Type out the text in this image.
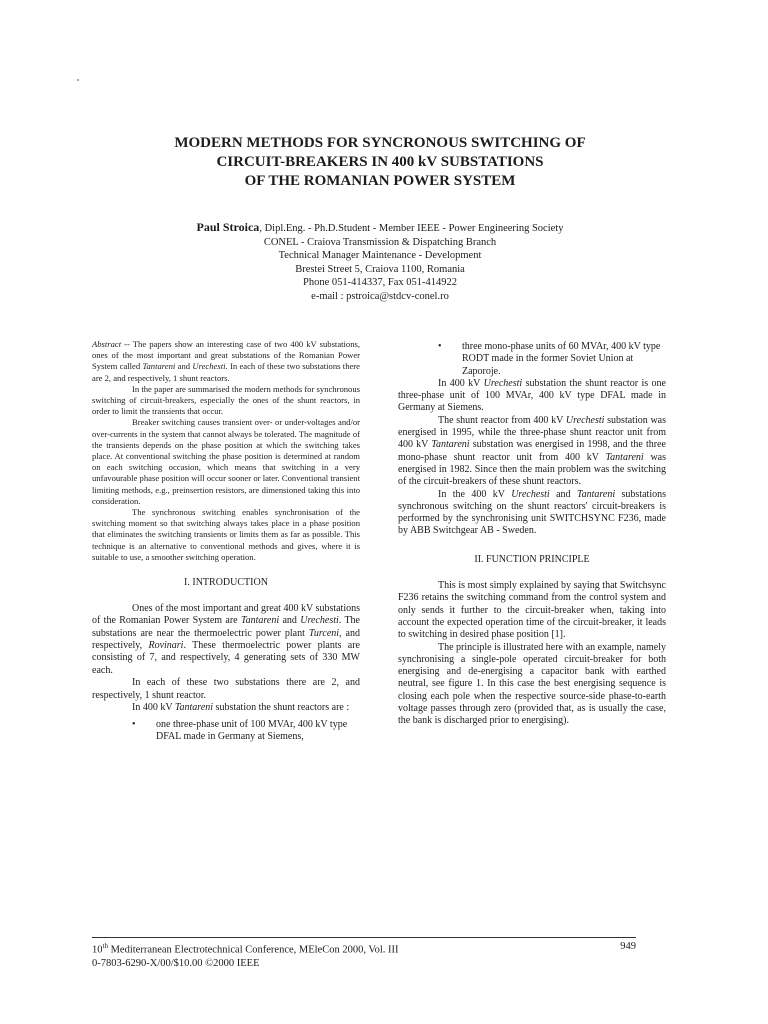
MODERN METHODS FOR SYNCRONOUS SWITCHING OF
CIRCUIT-BREAKERS IN 400 kV SUBSTATIONS
OF THE ROMANIAN POWER SYSTEM
Paul Stroica, Dipl.Eng. - Ph.D.Student - Member IEEE - Power Engineering Society
CONEL - Craiova Transmission & Dispatching Branch
Technical Manager Maintenance - Development
Brestei Street 5, Craiova 1100, Romania
Phone 051-414337, Fax 051-414922
e-mail : pstroica@stdcv-conel.ro

Abstract -- The papers show an interesting case of two 400 kV substations, ones of the most important and great substations of the Romanian Power System called Tantareni and Urechesti. In each of these two substations there are 2, and respectively, 1 shunt reactors.

In the paper are summarised the modern methods for synchronous switching of circuit-breakers, especially the ones of the shunt reactors, in order to limit the transients that occur.

Breaker switching causes transient over- or under-voltages and/or over-currents in the system that cannot always be tolerated. The magnitude of the transients depends on the phase position at which the switching takes place. At conventional switching the phase position is determined at random on each switching occasion, which means that switching in a very unfavourable phase position will occur sooner or later. Conventional transient limiting methods, e.g., preinsertion resistors, are dimensioned taking this into consideration.

The synchronous switching enables synchronisation of the switching moment so that switching always takes place in a phase position that eliminates the switching transients or limits them as far as possible. This technique is an alternative to conventional methods and gives, where it is suitable to use, a smoother switching operation.

I. INTRODUCTION

Ones of the most important and great 400 kV substations of the Romanian Power System are Tantareni and Urechesti. The substations are near the thermoelectric power plant Turceni, and respectively, Rovinari. These thermoelectric power plants are consisting of 7, and respectively, 4 generating sets of 330 MW each.

In each of these two substations there are 2, and respectively, 1 shunt reactor.

In 400 kV Tantareni substation the shunt reactors are :

•	one three-phase unit of 100 MVAr, 400 kV type DFAL made in Germany at Siemens,
•	three mono-phase units of 60 MVAr, 400 kV type RODT made in the former Soviet Union at Zaporoje.

In 400 kV Urechesti substation the shunt reactor is one three-phase unit of 100 MVAr, 400 kV type DFAL made in Germany at Siemens.

The shunt reactor from 400 kV Urechesti substation was energised in 1995, while the three-phase shunt reactor unit from 400 kV Tantareni substation was energised in 1998, and the three mono-phase shunt reactor unit from 400 kV Tantareni was energised in 1982. Since then the main problem was the switching of the circuit-breakers of these shunt reactors.

In the 400 kV Urechesti and Tantareni substations synchronous switching on the shunt reactors' circuit-breakers is performed by the synchronising unit SWITCHSYNC F236, made by ABB Switchgear AB - Sweden.

II. FUNCTION PRINCIPLE

This is most simply explained by saying that Switchsync F236 retains the switching command from the control system and only sends it further to the circuit-breaker when, taking into account the expected operation time of the circuit-breaker, it leads to switching in desired phase position [1].

The principle is illustrated here with an example, namely synchronising a single-pole operated circuit-breaker for both energising and de-energising a capacitor bank with earthed neutral, see figure 1. In this case the best energising sequence is closing each pole when the respective source-side phase-to-earth voltage passes through zero (provided that, as is usually the case, the bank is discharged prior to energising).

10th Mediterranean Electrotechnical Conference, MEleCon 2000, Vol. III
0-7803-6290-X/00/$10.00 ©2000 IEEE
949
